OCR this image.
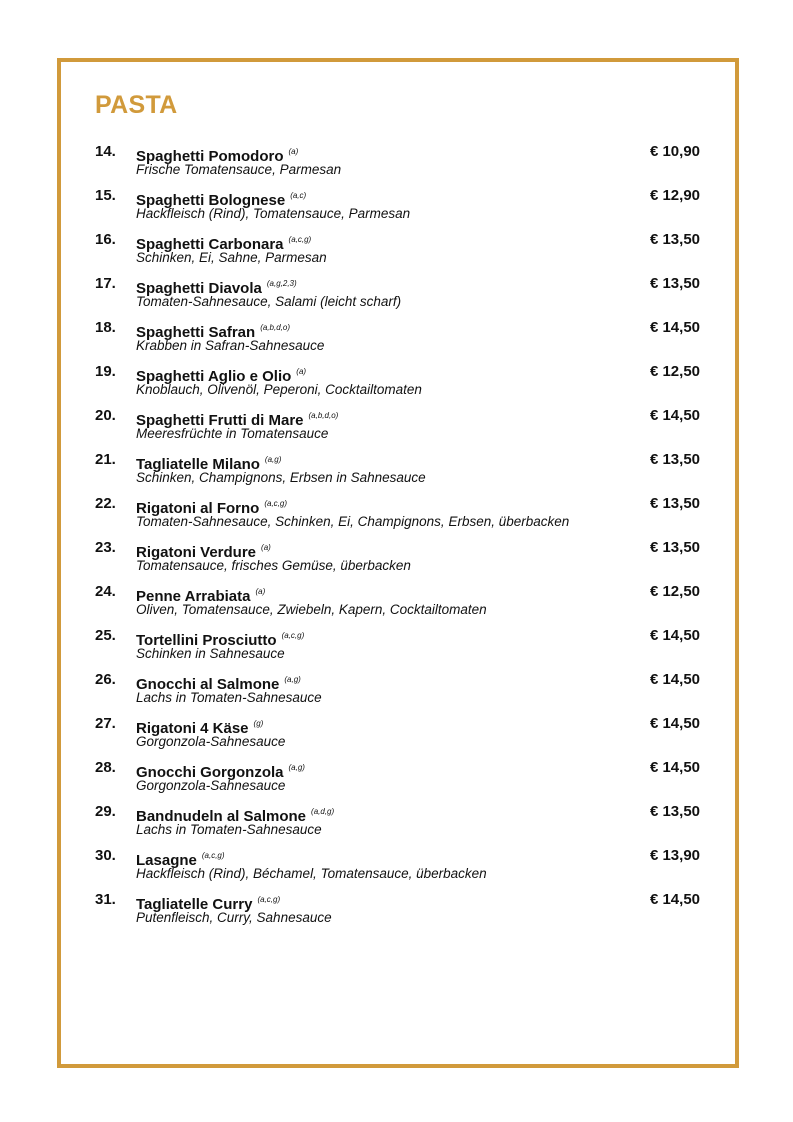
PASTA
14. Spaghetti Pomodoro $^{(a)}$
Frische Tomatensauce, Parmesan
€ 10,90
15. Spaghetti Bolognese $^{(a,c)}$
Hackfleisch (Rind), Tomatensauce, Parmesan
€ 12,90
16. Spaghetti Carbonara $^{(a,c,g)}$
Schinken, Ei, Sahne, Parmesan
€ 13,50
17. Spaghetti Diavola $^{(a,g,2,3)}$
Tomaten-Sahnesauce, Salami (leicht scharf)
€ 13,50
18. Spaghetti Safran $^{(a,b,d,o)}$
Krabben in Safran-Sahnesauce
€ 14,50
19. Spaghetti Aglio e Olio $^{(a)}$
Knoblauch, Olivenöl, Peperoni, Cocktailtomaten
€ 12,50
20. Spaghetti Frutti di Mare $^{(a,b,d,o)}$
Meeresfrüchte in Tomatensauce
€ 14,50
21. Tagliatelle Milano $^{(a,g)}$
Schinken, Champignons, Erbsen in Sahnesauce
€ 13,50
22. Rigatoni al Forno $^{(a,c,g)}$
Tomaten-Sahnesauce, Schinken, Ei, Champignons, Erbsen, überbacken
€ 13,50
23. Rigatoni Verdure $^{(a)}$
Tomatensauce, frisches Gemüse, überbacken
€ 13,50
24. Penne Arrabiata $^{(a)}$
Oliven, Tomatensauce, Zwiebeln, Kapern, Cocktailtomaten
€ 12,50
25. Tortellini Prosciutto $^{(a,c,g)}$
Schinken in Sahnesauce
€ 14,50
26. Gnocchi al Salmone $^{(a,g)}$
Lachs in Tomaten-Sahnesauce
€ 14,50
27. Rigatoni 4 Käse $^{(g)}$
Gorgonzola-Sahnesauce
€ 14,50
28. Gnocchi Gorgonzola $^{(a,g)}$
Gorgonzola-Sahnesauce
€ 14,50
29. Bandnudeln al Salmone $^{(a,d,g)}$
Lachs in Tomaten-Sahnesauce
€ 13,50
30. Lasagne $^{(a,c,g)}$
Hackfleisch (Rind), Béchamel, Tomatensauce, überbacken
€ 13,90
31. Tagliatelle Curry $^{(a,c,g)}$
Putenfleisch, Curry, Sahnesauce
€ 14,50
